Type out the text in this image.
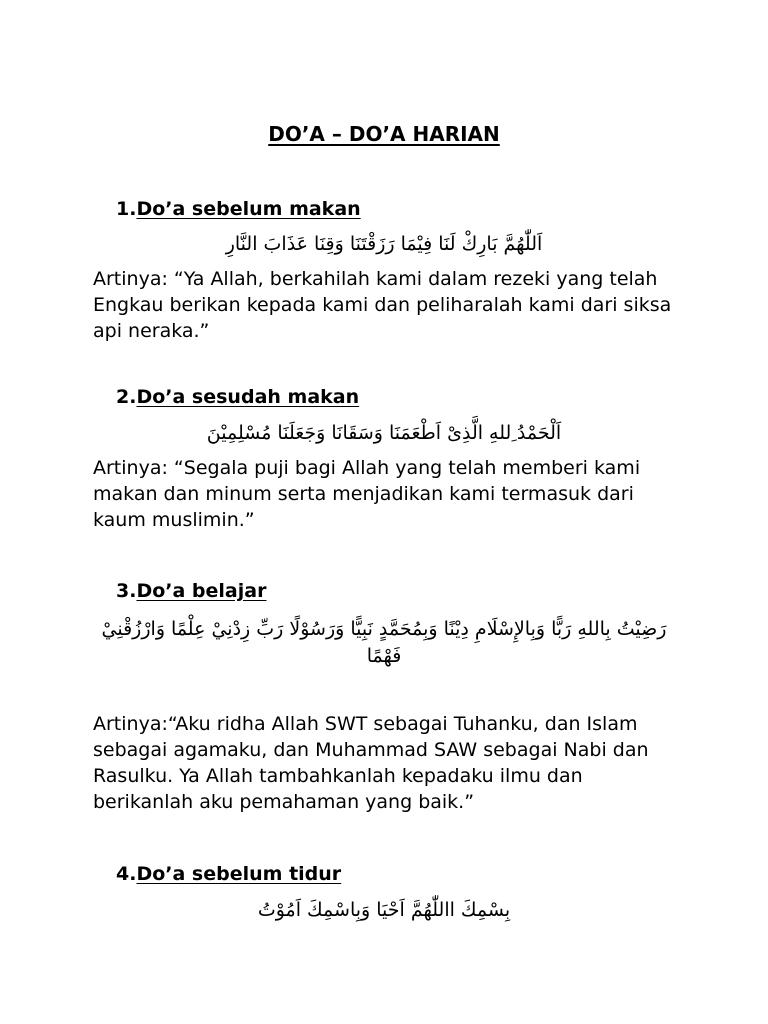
DO’A – DO’A HARIAN
1.Do’a sebelum makan
اَللّٰهُمَّ بَارِكْ لَنَا فِيْمَا رَزَقْتَنَا وَقِنَا عَذَابَ النَّارِ
Artinya: “Ya Allah, berkahilah kami dalam rezeki yang telah Engkau berikan kepada kami dan peliharalah kami dari siksa api neraka.”
2.Do’a sesudah makan
اَلْحَمْدُ ِللهِ الَّذِىْ اَطْعَمَنَا وَسَقَانَا وَجَعَلَنَا مُسْلِمِيْنَ
Artinya: “Segala puji bagi Allah yang telah memberi kami makan dan minum serta menjadikan kami termasuk dari kaum muslimin.”
3.Do’a belajar
رَضِيْتُ بِاللهِ رَبًّا وَبِالإِسْلَامِ دِيْنًا وَبِمُحَمَّدٍ نَبِيًّا وَرَسُوْلًا رَبِّ زِدْنِيْ عِلْمًا وَارْزُقْنِيْ فَهْمًا
Artinya:“Aku ridha Allah SWT sebagai Tuhanku, dan Islam sebagai agamaku, dan Muhammad SAW sebagai Nabi dan Rasulku. Ya Allah tambahkanlah kepadaku ilmu dan berikanlah aku pemahaman yang baik.”
4.Do’a sebelum tidur
بِسْمِكَ االلّٰهُمَّ اَحْيَا وَبِاسْمِكَ اَمُوْتُ
